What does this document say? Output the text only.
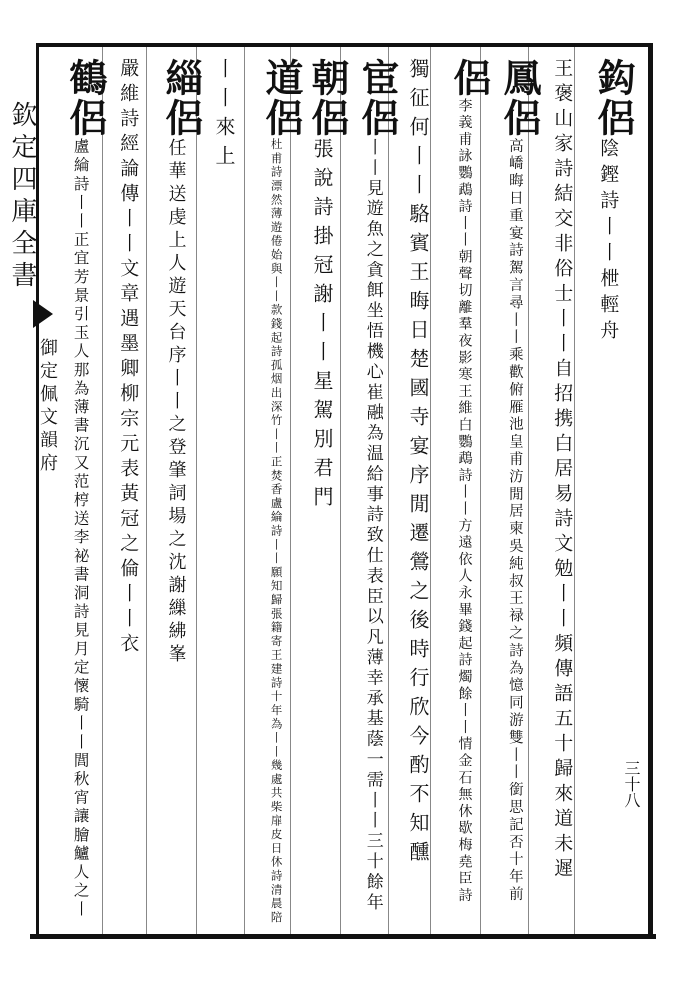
欽定四庫全書
御定佩文韻府
三十八
鈎侶
陰鏗詩丨丨枻輕舟
王褒山家詩結交非俗士丨丨自招携白居易詩文勉丨丨頻傳語五十歸來道未遲
鳳侶
高嶠晦日重宴詩駕言尋丨丨乘歡俯雁池皇甫汸閒居柬吳純叔王禄之詩為憶同游雙丨丨銜思記否十年前
侶
李義甫詠鸚鵡詩丨丨朝聲切離羣夜影寒王維白鸚鵡詩丨丨方遠依人永畢錢起詩燭餘丨丨情金石無休歇梅堯臣詩
獨征何丨丨駱賓王晦日楚國寺宴序閒遷鶯之後時行欣今酌不知醺
宦侶
丨丨見遊魚之貪餌坐悟機心崔融為温給事詩致仕表臣以凡薄幸承基蔭一需丨丨三十餘年
朝侶
張說詩掛冠謝丨丨星駕別君門
道侶
杜甫詩漂然薄遊倦始與丨丨款錢起詩孤烟出深竹丨丨正焚香盧綸詩丨丨願知歸張籍寄王建詩十年為丨丨幾處共柴扉皮日休詩清晨陪
丨丨來上
緇侶
任華送虔上人遊天台序丨丨之登肇詞場之沈謝繅紼峯
嚴維詩經論傳丨丨文章遇墨卿柳宗元表黃冠之倫丨丨衣
鶴侶
盧綸詩丨丨正宜芳景引玉人那為薄書沉又范梈送李袐書洞詩見月定懷騎丨丨閭秋宵讓膾鱸人之丨
